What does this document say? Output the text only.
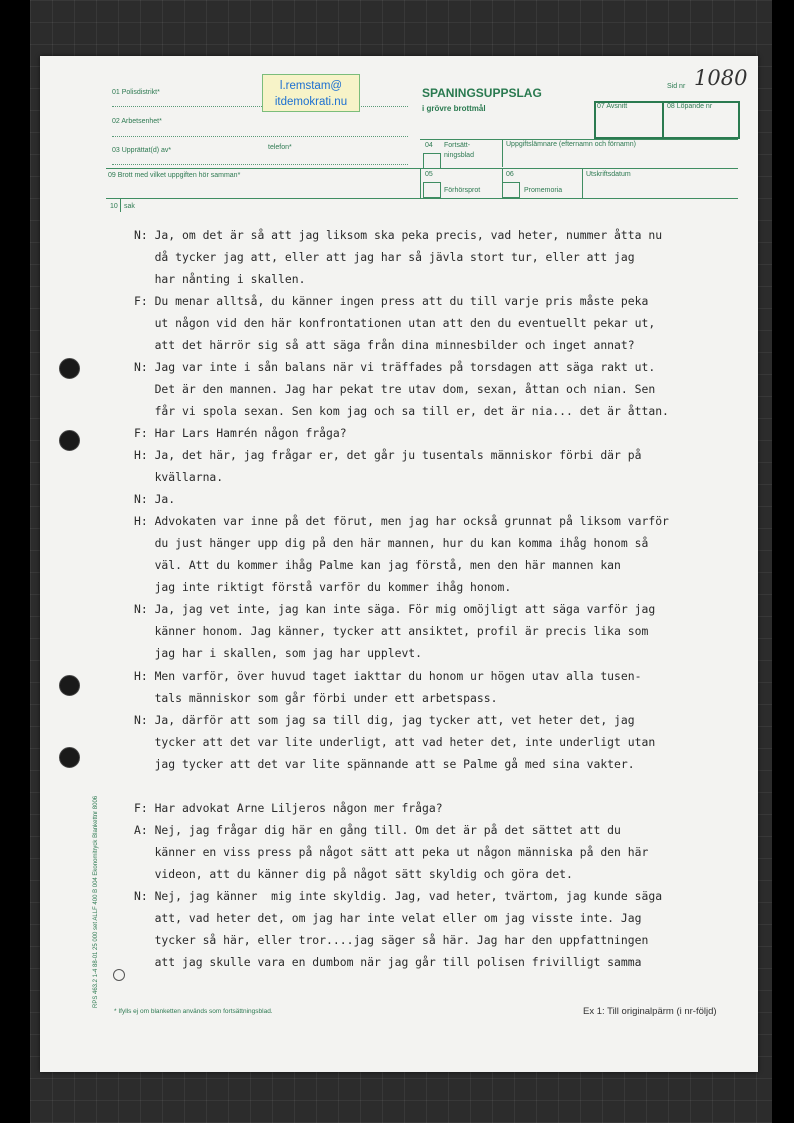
01 Polisdistrikt*
02 Arbetsenhet*
03 Upprättat(d) av*	telefon*
l.remstam@
itdemokrati.nu
SPANINGSUPPSLAG
i grövre brottmål
Sid nr 1080
07 Avsnitt	08 Löpande nr
04 Fortsätt-
ningsblad
Uppgiftslämnare (efternamn och förnamn)
09 Brott med vilket uppgiften hör samman*	05
Förhörsprot
06
Promemoria
Utskriftsdatum
10 sak
N: Ja, om det är så att jag liksom ska peka precis, vad heter, nummer åtta nu
då tycker jag att, eller att jag har så jävla stort tur, eller att jag
har nånting i skallen.
F: Du menar alltså, du känner ingen press att du till varje pris måste peka
ut någon vid den här konfrontationen utan att den du eventuellt pekar ut,
att det härrör sig så att säga från dina minnesbilder och inget annat?
N: Jag var inte i sån balans när vi träffades på torsdagen att säga rakt ut.
Det är den mannen. Jag har pekat tre utav dom, sexan, åttan och nian. Sen
får vi spola sexan. Sen kom jag och sa till er, det är nia... det är åttan.
F: Har Lars Hamrén någon fråga?
H: Ja, det här, jag frågar er, det går ju tusentals människor förbi där på
kvällarna.
N: Ja.
H: Advokaten var inne på det förut, men jag har också grunnat på liksom varför
du just hänger upp dig på den här mannen, hur du kan komma ihåg honom så
väl. Att du kommer ihåg Palme kan jag förstå, men den här mannen kan
jag inte riktigt förstå varför du kommer ihåg honom.
N: Ja, jag vet inte, jag kan inte säga. För mig omöjligt att säga varför jag
känner honom. Jag känner, tycker att ansiktet, profil är precis lika som
jag har i skallen, som jag har upplevt.
H: Men varför, över huvud taget iakttar du honom ur högen utav alla tusen-
tals människor som går förbi under ett arbetspass.
N: Ja, därför att som jag sa till dig, jag tycker att, vet heter det, jag
tycker att det var lite underligt, att vad heter det, inte underligt utan
jag tycker att det var lite spännande att se Palme gå med sina vakter.
F: Har advokat Arne Liljeros någon mer fråga?
A: Nej, jag frågar dig här en gång till. Om det är på det sättet att du
känner en viss press på något sätt att peka ut någon människa på den här
videon, att du känner dig på något sätt skyldig och göra det.
N: Nej, jag känner  mig inte skyldig. Jag, vad heter, tvärtom, jag kunde säga
att, vad heter det, om jag har inte velat eller om jag visste inte. Jag
tycker så här, eller tror....jag säger så här. Jag har den uppfattningen
att jag skulle vara en dumbom när jag går till polisen frivilligt samma
RPS 463.2 1-4 88-01 25 000 set ALLF 400 B 004 Ekonomitryck Blankettnr 8006
* Ifylls ej om blanketten används som fortsättningsblad.	Ex 1: Till originalpärm (i nr-följd)
